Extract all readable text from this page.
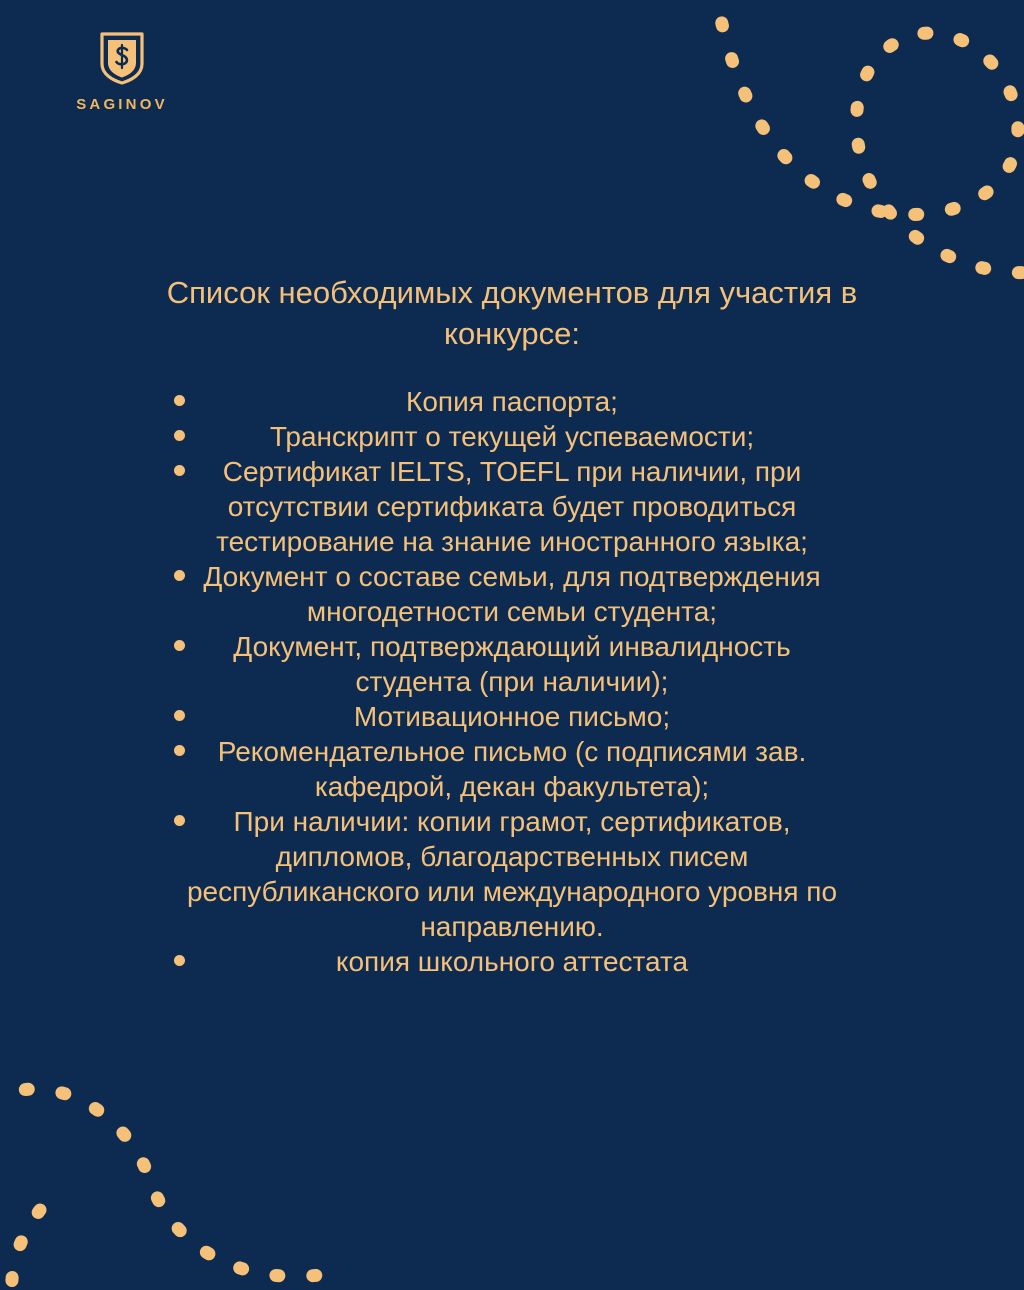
SAGINOV
Список необходимых документов для участия в конкурсе:
Копия паспорта;
Транскрипт о текущей успеваемости;
Сертификат IELTS, TOEFL при наличии, при отсутствии сертификата будет проводиться тестирование на знание иностранного языка;
Документ о составе семьи, для подтверждения многодетности семьи студента;
Документ, подтверждающий инвалидность студента (при наличии);
Мотивационное письмо;
Рекомендательное письмо (с подписями зав. кафедрой, декан факультета);
При наличии: копии грамот, сертификатов, дипломов, благодарственных писем республиканского или международного уровня по направлению.
копия школьного аттестата
